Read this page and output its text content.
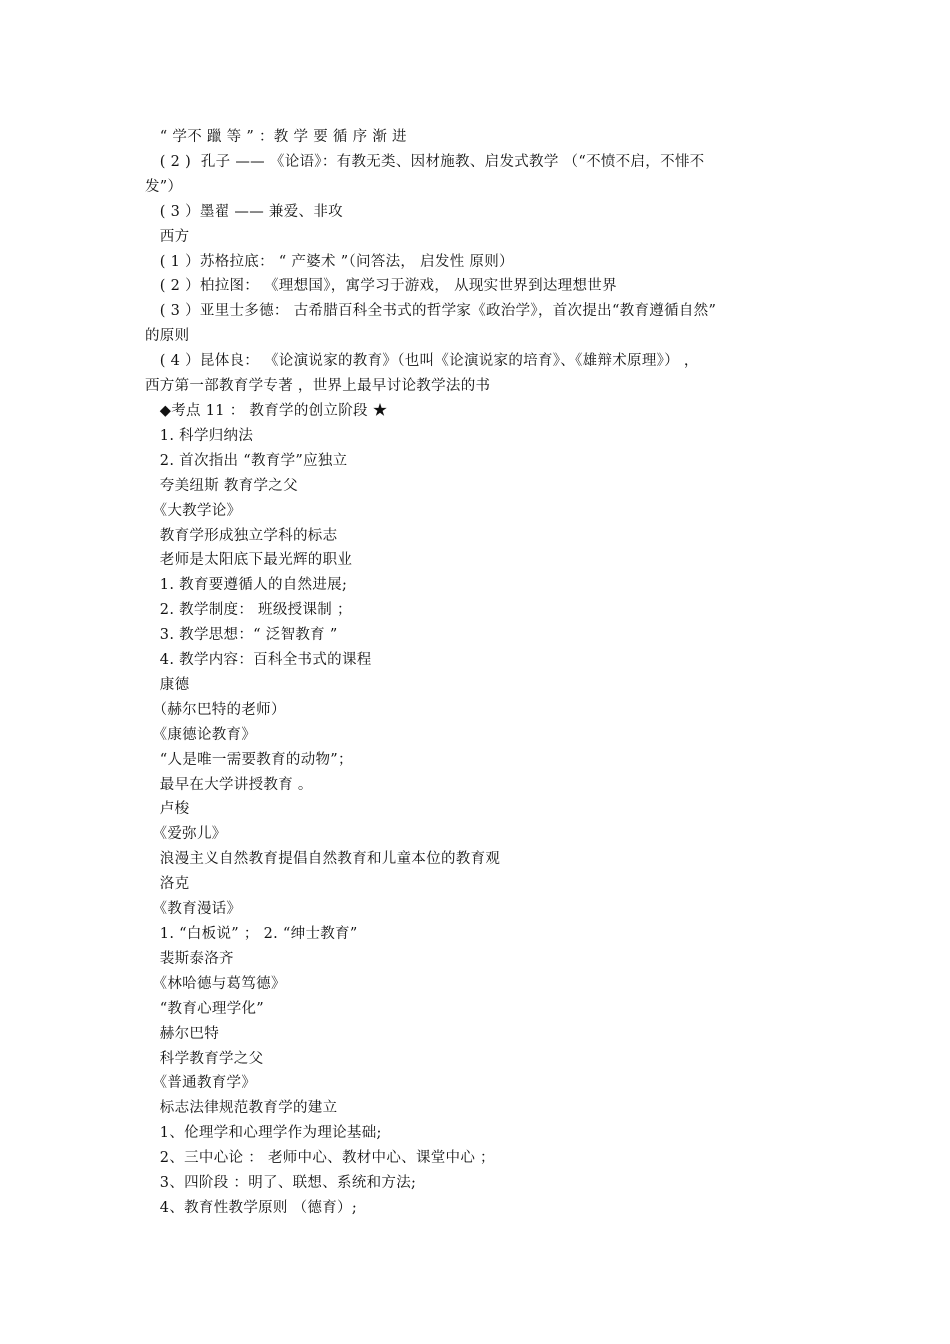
　“ 学不 躐 等 ” ：教 学 要 循 序 渐 进
　( 2 )  孔子 —— 《论语》：有教无类、因材施教、启发式教学 （“不愤不启，不悱不
发”）
　( 3 ）墨翟 —— 兼爱、非攻
　西方
　( 1 ）苏格拉底： “ 产婆术 ”（问答法， 启发性 原则）
　( 2 ）柏拉图： 《理想国》，寓学习于游戏， 从现实世界到达理想世界
　( 3 ）亚里士多德： 古希腊百科全书式的哲学家《政治学》，首次提出“教育遵循自然”
的原则
　( 4 ）昆体良： 《论演说家的教育》（也叫《论演说家的培育》、《雄辩术原理》） ，
西方第一部教育学专著 ，世界上最早讨论教学法的书
　◆考点 11 ： 教育学的创立阶段 ★
　1. 科学归纳法
　2. 首次指出 “教育学”应独立
　夸美纽斯 教育学之父
　《大教学论》
　教育学形成独立学科的标志
　老师是太阳底下最光辉的职业
　1. 教育要遵循人的自然进展;
　2. 教学制度： 班级授课制 ；
　3. 教学思想：“ 泛智教育 ”
　4. 教学内容：百科全书式的课程
　康德
　（赫尔巴特的老师）
　《康德论教育》
　“人是唯一需要教育的动物”；
　最早在大学讲授教育 。
　卢梭
　《爱弥儿》
　浪漫主义自然教育提倡自然教育和儿童本位的教育观
　洛克
　《教育漫话》
　1. “白板说” ； 2. “绅士教育”
　裴斯泰洛齐
　《林哈德与葛笃德》
　“教育心理学化”
　赫尔巴特
　科学教育学之父
　《普通教育学》
　标志法律规范教育学的建立
　1、伦理学和心理学作为理论基础;
　2、三中心论 ： 老师中心、教材中心、课堂中心 ；
　3、四阶段 ：明了、联想、系统和方法;
　4、教育性教学原则 （德育）;
